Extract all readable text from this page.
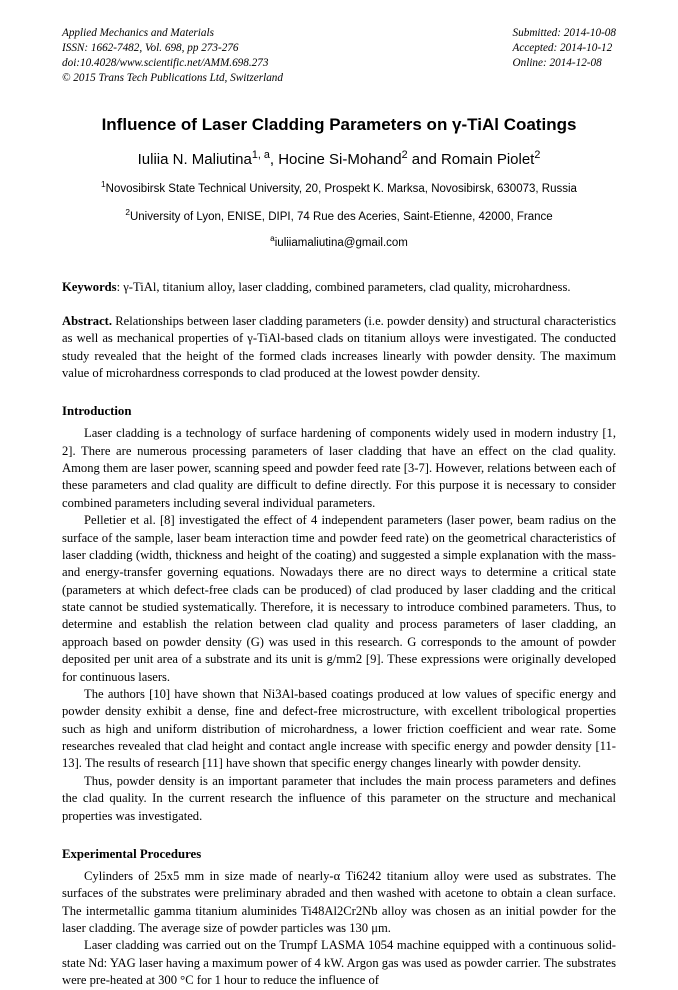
Applied Mechanics and Materials
ISSN: 1662-7482, Vol. 698, pp 273-276
doi:10.4028/www.scientific.net/AMM.698.273
© 2015 Trans Tech Publications Ltd, Switzerland
Submitted: 2014-10-08
Accepted: 2014-10-12
Online: 2014-12-08
Influence of Laser Cladding Parameters on γ-TiAl Coatings
Iuliia N. Maliutina$^{1, a}$, Hocine Si-Mohand$^2$ and Romain Piolet$^2$
$^1$Novosibirsk State Technical University, 20, Prospekt K. Marksa, Novosibirsk, 630073, Russia
$^2$University of Lyon, ENISE, DIPI, 74 Rue des Aceries, Saint-Etienne, 42000, France
$^a$iuliiamaliutina@gmail.com
Keywords: γ-TiAl, titanium alloy, laser cladding, combined parameters, clad quality, microhardness.
Abstract. Relationships between laser cladding parameters (i.e. powder density) and structural characteristics as well as mechanical properties of γ-TiAl-based clads on titanium alloys were investigated. The conducted study revealed that the height of the formed clads increases linearly with powder density. The maximum value of microhardness corresponds to clad produced at the lowest powder density.
Introduction

Laser cladding is a technology of surface hardening of components widely used in modern industry [1, 2]. There are numerous processing parameters of laser cladding that have an effect on the clad quality. Among them are laser power, scanning speed and powder feed rate [3-7]. However, relations between each of these parameters and clad quality are difficult to define directly. For this purpose it is necessary to consider combined parameters including several individual parameters.

Pelletier et al. [8] investigated the effect of 4 independent parameters (laser power, beam radius on the surface of the sample, laser beam interaction time and powder feed rate) on the geometrical characteristics of laser cladding (width, thickness and height of the coating) and suggested a simple explanation with the mass- and energy-transfer governing equations. Nowadays there are no direct ways to determine a critical state (parameters at which defect-free clads can be produced) of clad produced by laser cladding and the critical state cannot be studied systematically. Therefore, it is necessary to introduce combined parameters. Thus, to determine and establish the relation between clad quality and process parameters of laser cladding, an approach based on powder density (G) was used in this research. G corresponds to the amount of powder deposited per unit area of a substrate and its unit is g/mm2 [9]. These expressions were originally developed for continuous lasers.

The authors [10] have shown that Ni3Al-based coatings produced at low values of specific energy and powder density exhibit a dense, fine and defect-free microstructure, with excellent tribological properties such as high and uniform distribution of microhardness, a lower friction coefficient and wear rate. Some researches revealed that clad height and contact angle increase with specific energy and powder density [11-13]. The results of research [11] have shown that specific energy changes linearly with powder density.

Thus, powder density is an important parameter that includes the main process parameters and defines the clad quality. In the current research the influence of this parameter on the structure and mechanical properties was investigated.

Experimental Procedures

Cylinders of 25x5 mm in size made of nearly-α Ti6242 titanium alloy were used as substrates. The surfaces of the substrates were preliminary abraded and then washed with acetone to obtain a clean surface. The intermetallic gamma titanium aluminides Ti48Al2Cr2Nb alloy was chosen as an initial powder for the laser cladding. The average size of powder particles was 130 μm.

Laser cladding was carried out on the Trumpf LASMA 1054 machine equipped with a continuous solid-state Nd: YAG laser having a maximum power of 4 kW. Argon gas was used as powder carrier. The substrates were pre-heated at 300 °C for 1 hour to reduce the influence of
